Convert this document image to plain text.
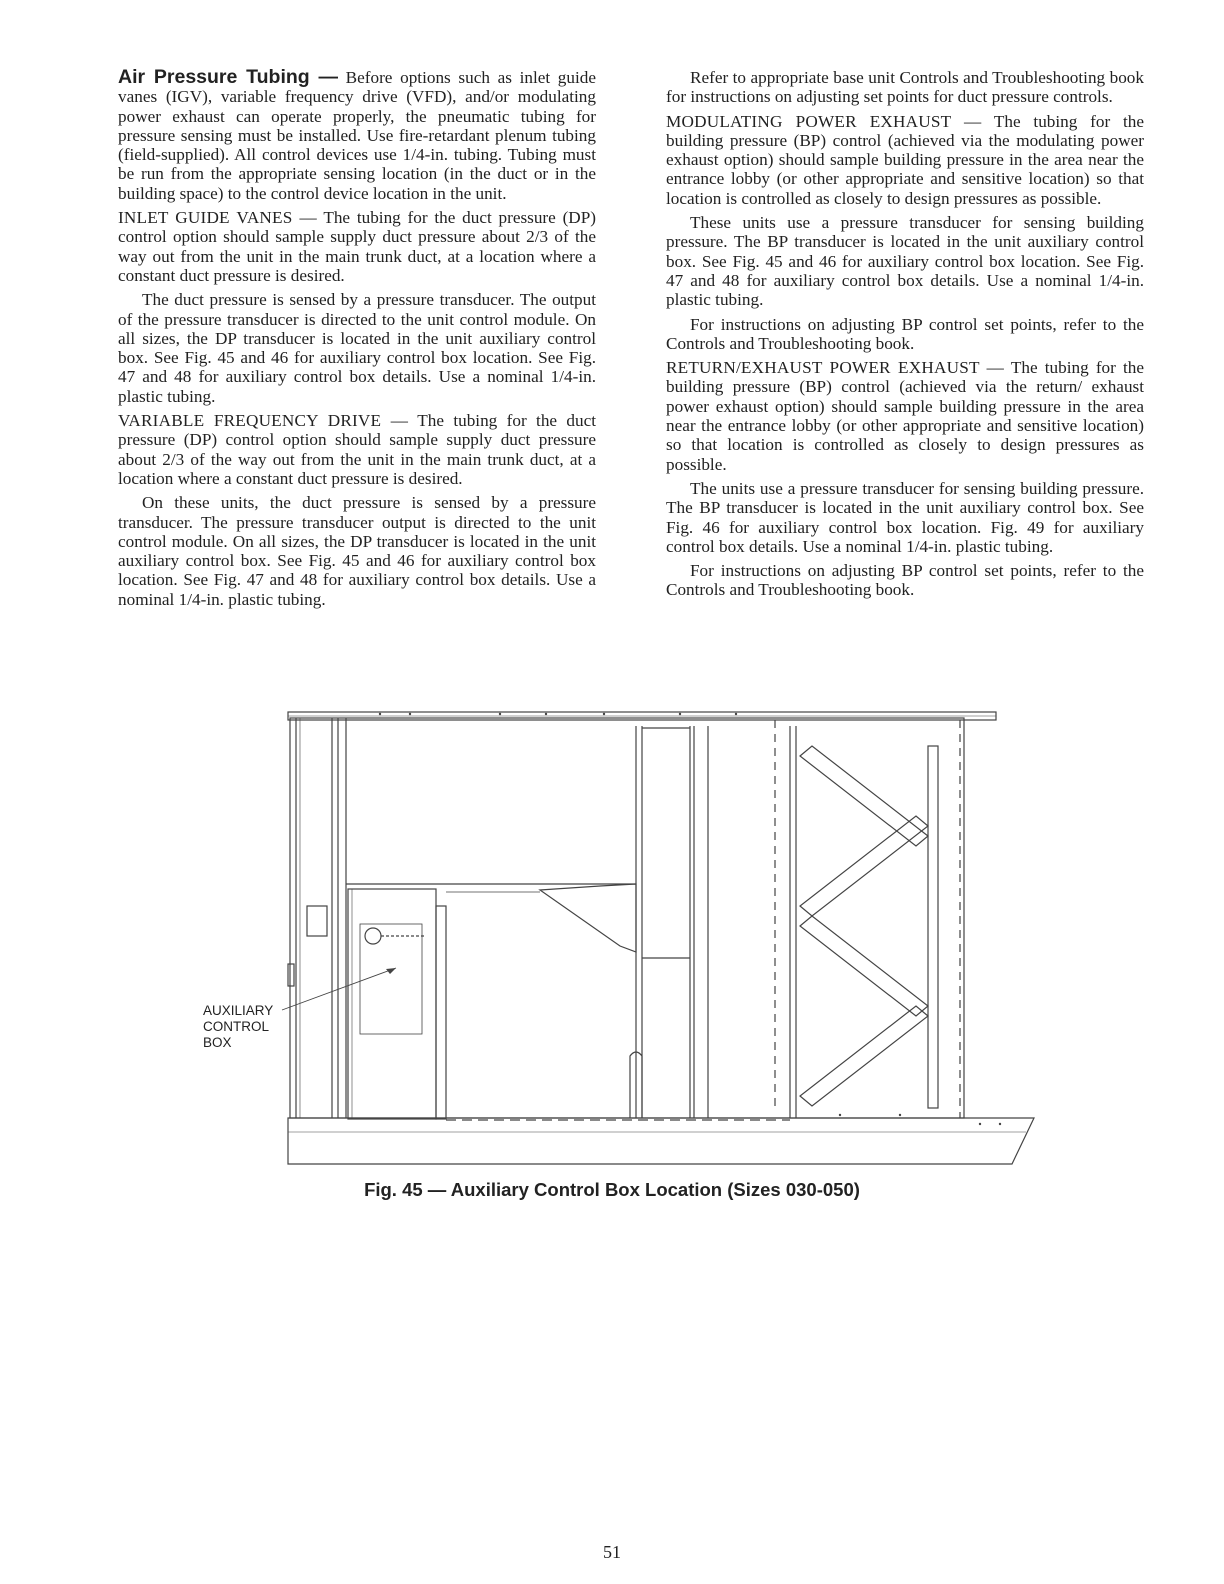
Air Pressure Tubing — Before options such as inlet guide vanes (IGV), variable frequency drive (VFD), and/or modulating power exhaust can operate properly, the pneumatic tubing for pressure sensing must be installed. Use fire-retardant plenum tubing (field-supplied). All control devices use 1/4-in. tubing. Tubing must be run from the appropriate sensing location (in the duct or in the building space) to the control device location in the unit.

INLET GUIDE VANES — The tubing for the duct pressure (DP) control option should sample supply duct pressure about 2/3 of the way out from the unit in the main trunk duct, at a location where a constant duct pressure is desired.

The duct pressure is sensed by a pressure transducer. The output of the pressure transducer is directed to the unit control module. On all sizes, the DP transducer is located in the unit auxiliary control box. See Fig. 45 and 46 for auxiliary control box location. See Fig. 47 and 48 for auxiliary control box details. Use a nominal 1/4-in. plastic tubing.

VARIABLE FREQUENCY DRIVE — The tubing for the duct pressure (DP) control option should sample supply duct pressure about 2/3 of the way out from the unit in the main trunk duct, at a location where a constant duct pressure is desired.

On these units, the duct pressure is sensed by a pressure transducer. The pressure transducer output is directed to the unit control module. On all sizes, the DP transducer is located in the unit auxiliary control box. See Fig. 45 and 46 for auxiliary control box location. See Fig. 47 and 48 for auxiliary control box details. Use a nominal 1/4-in. plastic tubing.

Refer to appropriate base unit Controls and Troubleshooting book for instructions on adjusting set points for duct pressure controls.

MODULATING POWER EXHAUST — The tubing for the building pressure (BP) control (achieved via the modulating power exhaust option) should sample building pressure in the area near the entrance lobby (or other appropriate and sensitive location) so that location is controlled as closely to design pressures as possible.

These units use a pressure transducer for sensing building pressure. The BP transducer is located in the unit auxiliary control box. See Fig. 45 and 46 for auxiliary control box location. See Fig. 47 and 48 for auxiliary control box details. Use a nominal 1/4-in. plastic tubing.

For instructions on adjusting BP control set points, refer to the Controls and Troubleshooting book.

RETURN/EXHAUST POWER EXHAUST — The tubing for the building pressure (BP) control (achieved via the return/ exhaust power exhaust option) should sample building pressure in the area near the entrance lobby (or other appropriate and sensitive location) so that location is controlled as closely to design pressures as possible.

The units use a pressure transducer for sensing building pressure. The BP transducer is located in the unit auxiliary control box. See Fig. 46 for auxiliary control box location. Fig. 49 for auxiliary control box details. Use a nominal 1/4-in. plastic tubing.

For instructions on adjusting BP control set points, refer to the Controls and Troubleshooting book.

AUXILIARY
CONTROL
BOX
Fig. 45 — Auxiliary Control Box Location (Sizes 030-050)
51
